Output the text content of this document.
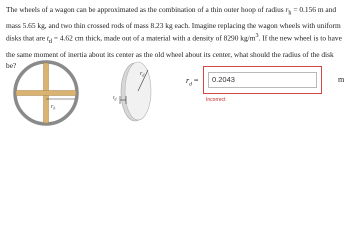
The wheels of a wagon can be approximated as the combination of a thin outer hoop of radius $r_h = 0.156$ m and mass 5.65 kg, and two thin crossed rods of mass 8.23 kg each. Imagine replacing the wagon wheels with uniform disks that are $t_d = 4.62$ cm thick, made out of a material with a density of 8290 $kg/m^3$. If the new wheel is to have the same moment of inertia about its center as the old wheel about its center, what should the radius of the disk be?

$r_h$
$r_d$
$t_d$
$r_d$ =	0.2043	m
Incorrect
